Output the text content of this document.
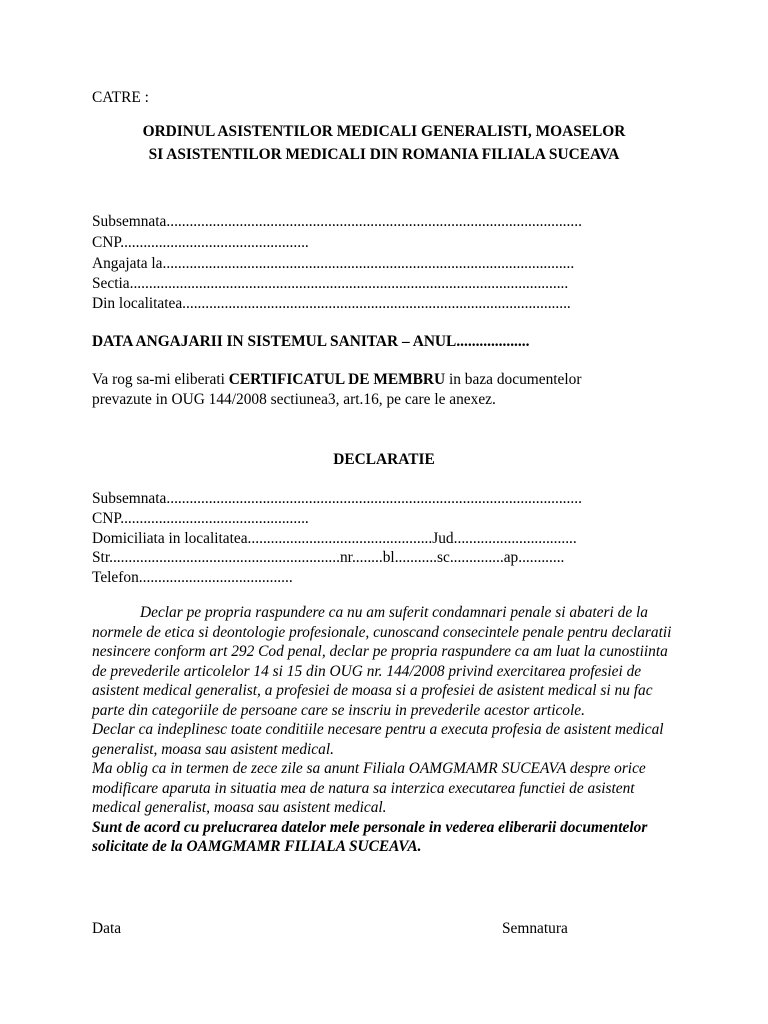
CATRE :
ORDINUL ASISTENTILOR MEDICALI GENERALISTI, MOASELOR
SI ASISTENTILOR MEDICALI DIN ROMANIA FILIALA SUCEAVA
Subsemnata............................................................................................................
CNP.................................................
Angajata la...........................................................................................................
Sectia..................................................................................................................
Din localitatea.....................................................................................................
DATA ANGAJARII IN SISTEMUL SANITAR – ANUL...................
Va rog sa-mi eliberati CERTIFICATUL DE MEMBRU in baza documentelor
prevazute in OUG 144/2008 sectiunea3, art.16, pe care le anexez.
DECLARATIE
Subsemnata............................................................................................................
CNP.................................................
Domiciliata in localitatea................................................Jud................................
Str............................................................nr........bl...........sc..............ap............
Telefon........................................

Declar pe propria raspundere ca nu am suferit condamnari penale si abateri de la normele de etica si deontologie profesionale, cunoscand consecintele penale pentru declaratii nesincere conform art 292 Cod penal, declar pe propria raspundere ca am luat la cunostiinta de prevederile articolelor 14 si 15 din OUG nr. 144/2008 privind exercitarea profesiei de asistent medical generalist, a profesiei de moasa si a profesiei de asistent medical si nu fac parte din categoriile de persoane care se inscriu in prevederile acestor articole.

Declar ca indeplinesc toate conditiile necesare pentru a executa profesia de asistent medical generalist, moasa sau asistent medical.

Ma oblig ca in termen de zece zile sa anunt Filiala OAMGMAMR SUCEAVA despre orice modificare aparuta in situatia mea de natura sa interzica executarea functiei de asistent medical generalist, moasa sau asistent medical.

Sunt de acord cu prelucrarea datelor mele personale in vederea eliberarii documentelor solicitate de la OAMGMAMR FILIALA SUCEAVA.

Data	Semnatura
